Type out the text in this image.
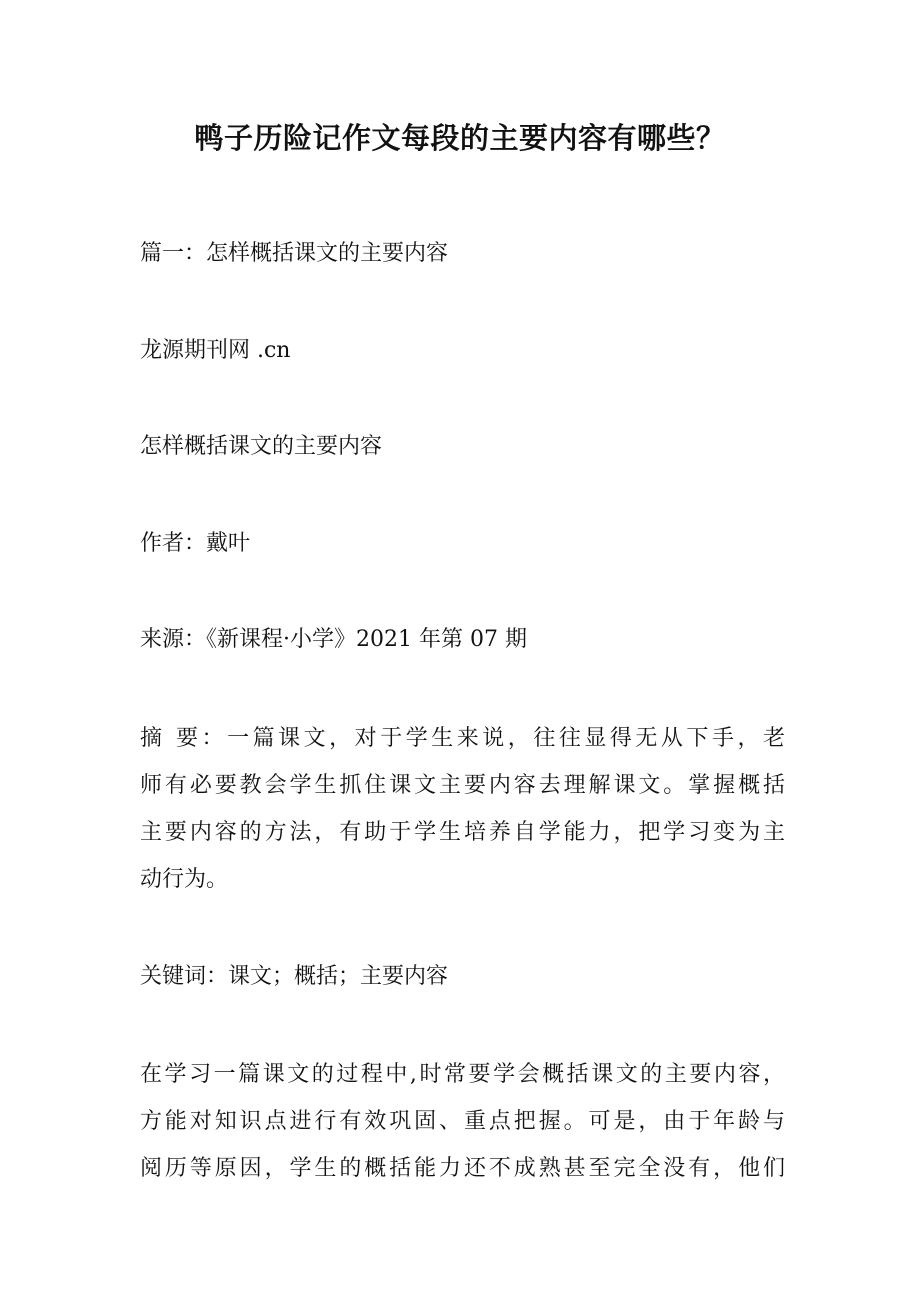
鸭子历险记作文每段的主要内容有哪些？

篇一：怎样概括课文的主要内容

龙源期刊网 .cn

怎样概括课文的主要内容

作者：戴叶

来源：《新课程·小学》2021 年第 07 期

摘 要：一篇课文，对于学生来说，往往显得无从下手，老
师有必要教会学生抓住课文主要内容去理解课文。掌握概括
主要内容的方法，有助于学生培养自学能力，把学习变为主
动行为。

关键词：课文；概括；主要内容

在学习一篇课文的过程中,时常要学会概括课文的主要内容，
方能对知识点进行有效巩固、重点把握。可是，由于年龄与
阅历等原因，学生的概括能力还不成熟甚至完全没有，他们
